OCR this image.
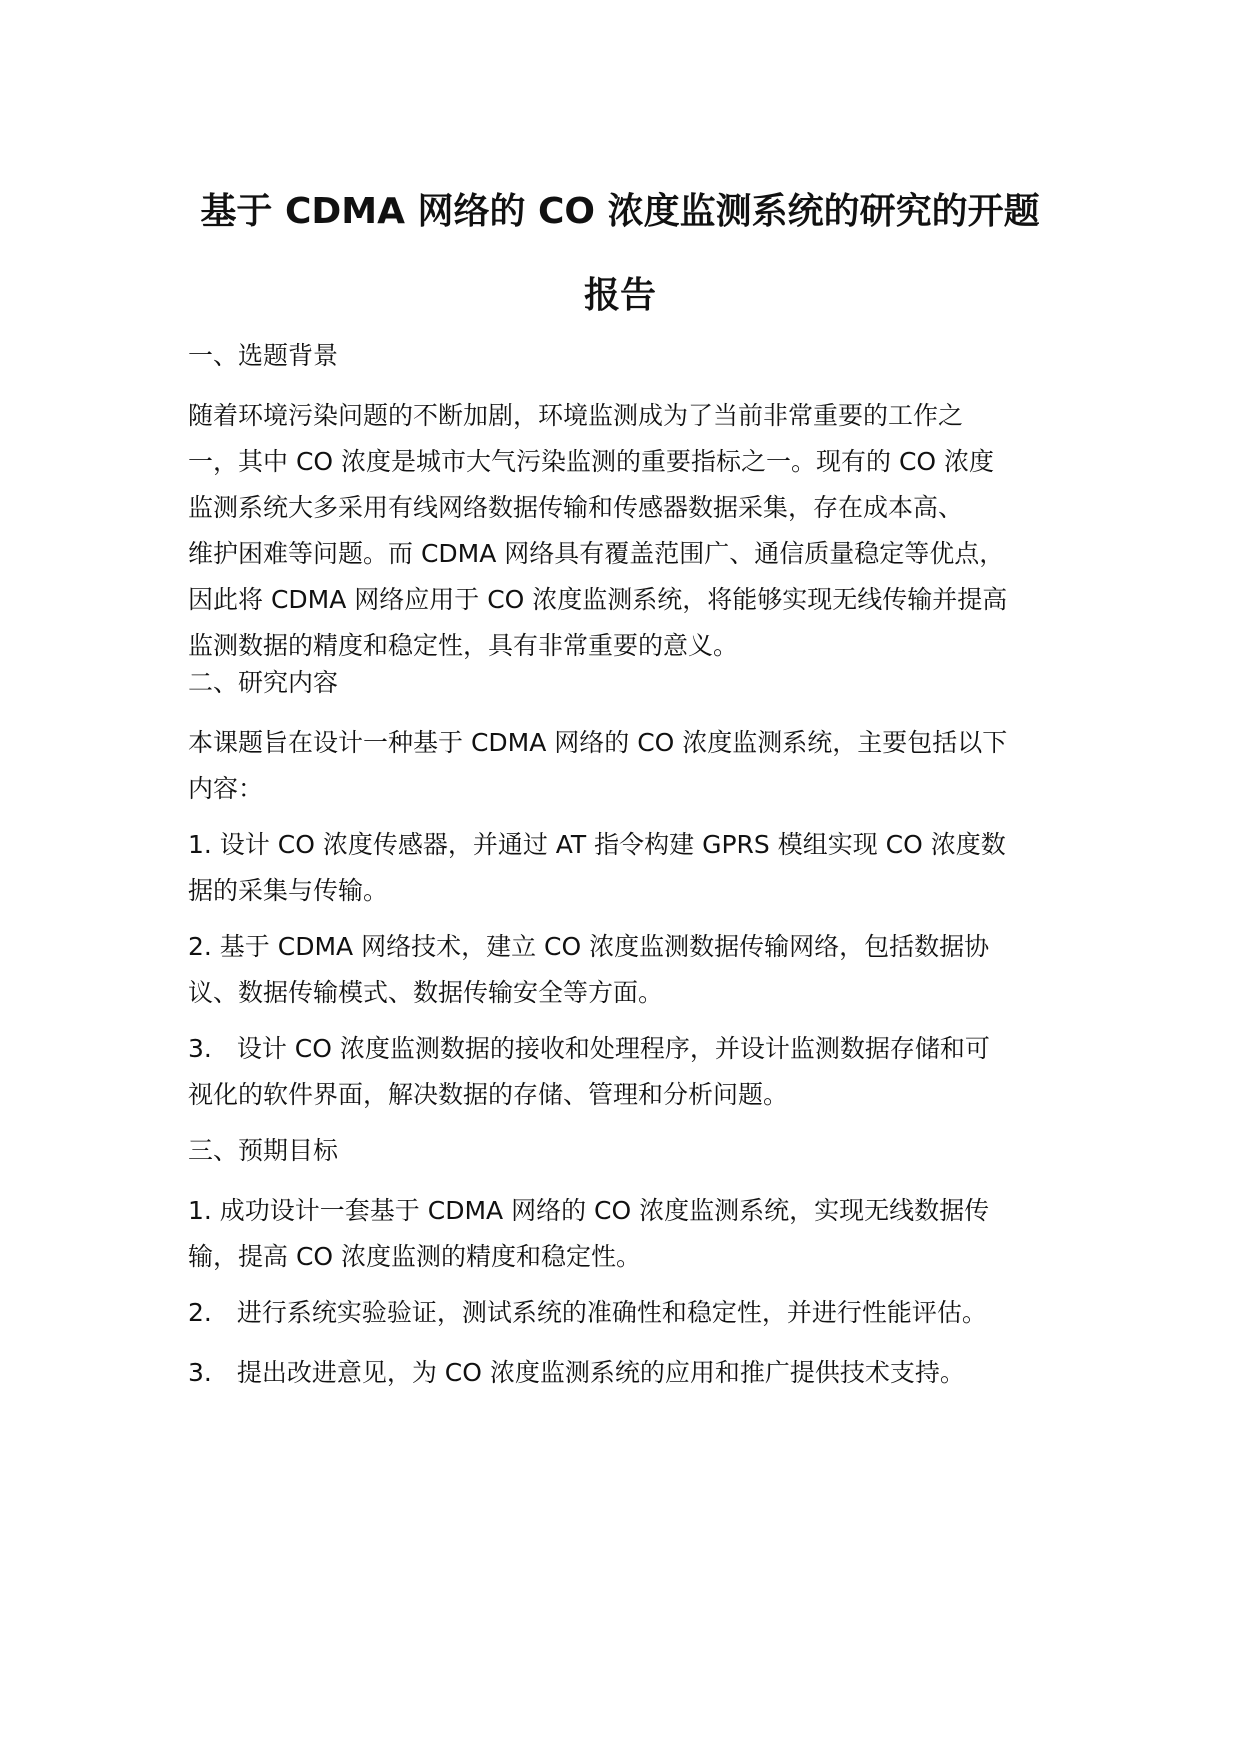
基于 CDMA 网络的 CO 浓度监测系统的研究的开题
报告
一、选题背景
随着环境污染问题的不断加剧，环境监测成为了当前非常重要的工作之
一，其中 CO 浓度是城市大气污染监测的重要指标之一。现有的 CO 浓度
监测系统大多采用有线网络数据传输和传感器数据采集，存在成本高、
维护困难等问题。而 CDMA 网络具有覆盖范围广、通信质量稳定等优点，
因此将 CDMA 网络应用于 CO 浓度监测系统，将能够实现无线传输并提高
监测数据的精度和稳定性，具有非常重要的意义。
二、研究内容
本课题旨在设计一种基于 CDMA 网络的 CO 浓度监测系统，主要包括以下
内容：
1. 设计 CO 浓度传感器，并通过 AT 指令构建 GPRS 模组实现 CO 浓度数
据的采集与传输。
2. 基于 CDMA 网络技术，建立 CO 浓度监测数据传输网络，包括数据协
议、数据传输模式、数据传输安全等方面。
3.　设计 CO 浓度监测数据的接收和处理程序，并设计监测数据存储和可
视化的软件界面，解决数据的存储、管理和分析问题。
三、预期目标
1. 成功设计一套基于 CDMA 网络的 CO 浓度监测系统，实现无线数据传
输，提高 CO 浓度监测的精度和稳定性。
2.　进行系统实验验证，测试系统的准确性和稳定性，并进行性能评估。
3.　提出改进意见，为 CO 浓度监测系统的应用和推广提供技术支持。
